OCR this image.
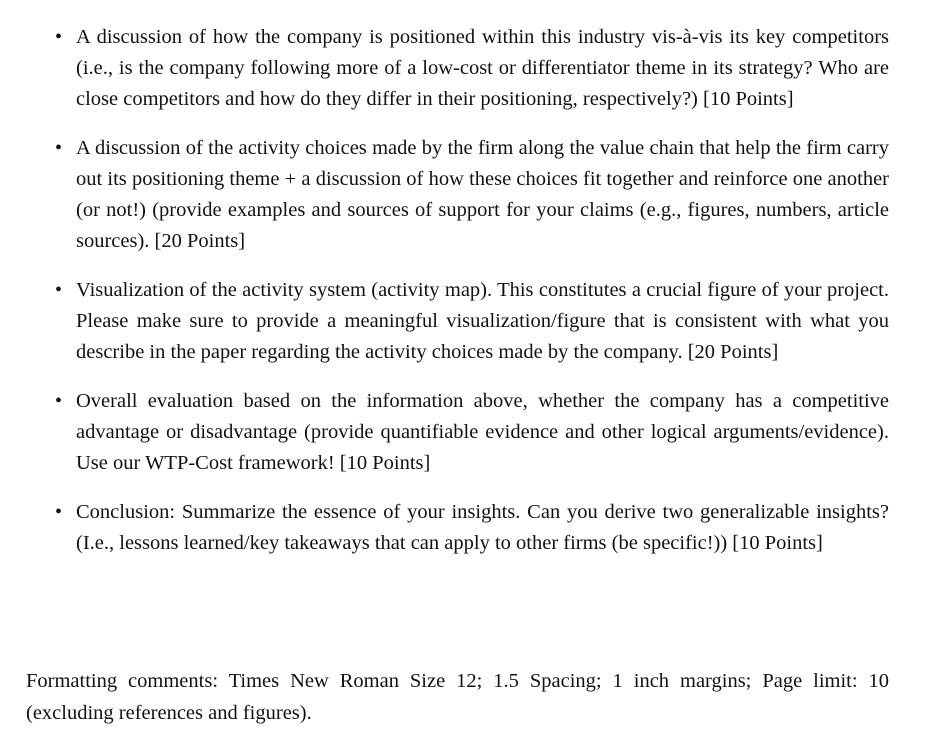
• A discussion of how the company is positioned within this industry vis-à-vis its key competitors (i.e., is the company following more of a low-cost or differentiator theme in its strategy? Who are close competitors and how do they differ in their positioning, respectively?) [10 Points]
• A discussion of the activity choices made by the firm along the value chain that help the firm carry out its positioning theme + a discussion of how these choices fit together and reinforce one another (or not!) (provide examples and sources of support for your claims (e.g., figures, numbers, article sources). [20 Points]
• Visualization of the activity system (activity map). This constitutes a crucial figure of your project. Please make sure to provide a meaningful visualization/figure that is consistent with what you describe in the paper regarding the activity choices made by the company. [20 Points]
• Overall evaluation based on the information above, whether the company has a competitive advantage or disadvantage (provide quantifiable evidence and other logical arguments/evidence). Use our WTP-Cost framework! [10 Points]
• Conclusion: Summarize the essence of your insights. Can you derive two generalizable insights? (I.e., lessons learned/key takeaways that can apply to other firms (be specific!)) [10 Points]

Formatting comments: Times New Roman Size 12; 1.5 Spacing; 1 inch margins; Page limit: 10 (excluding references and figures).
